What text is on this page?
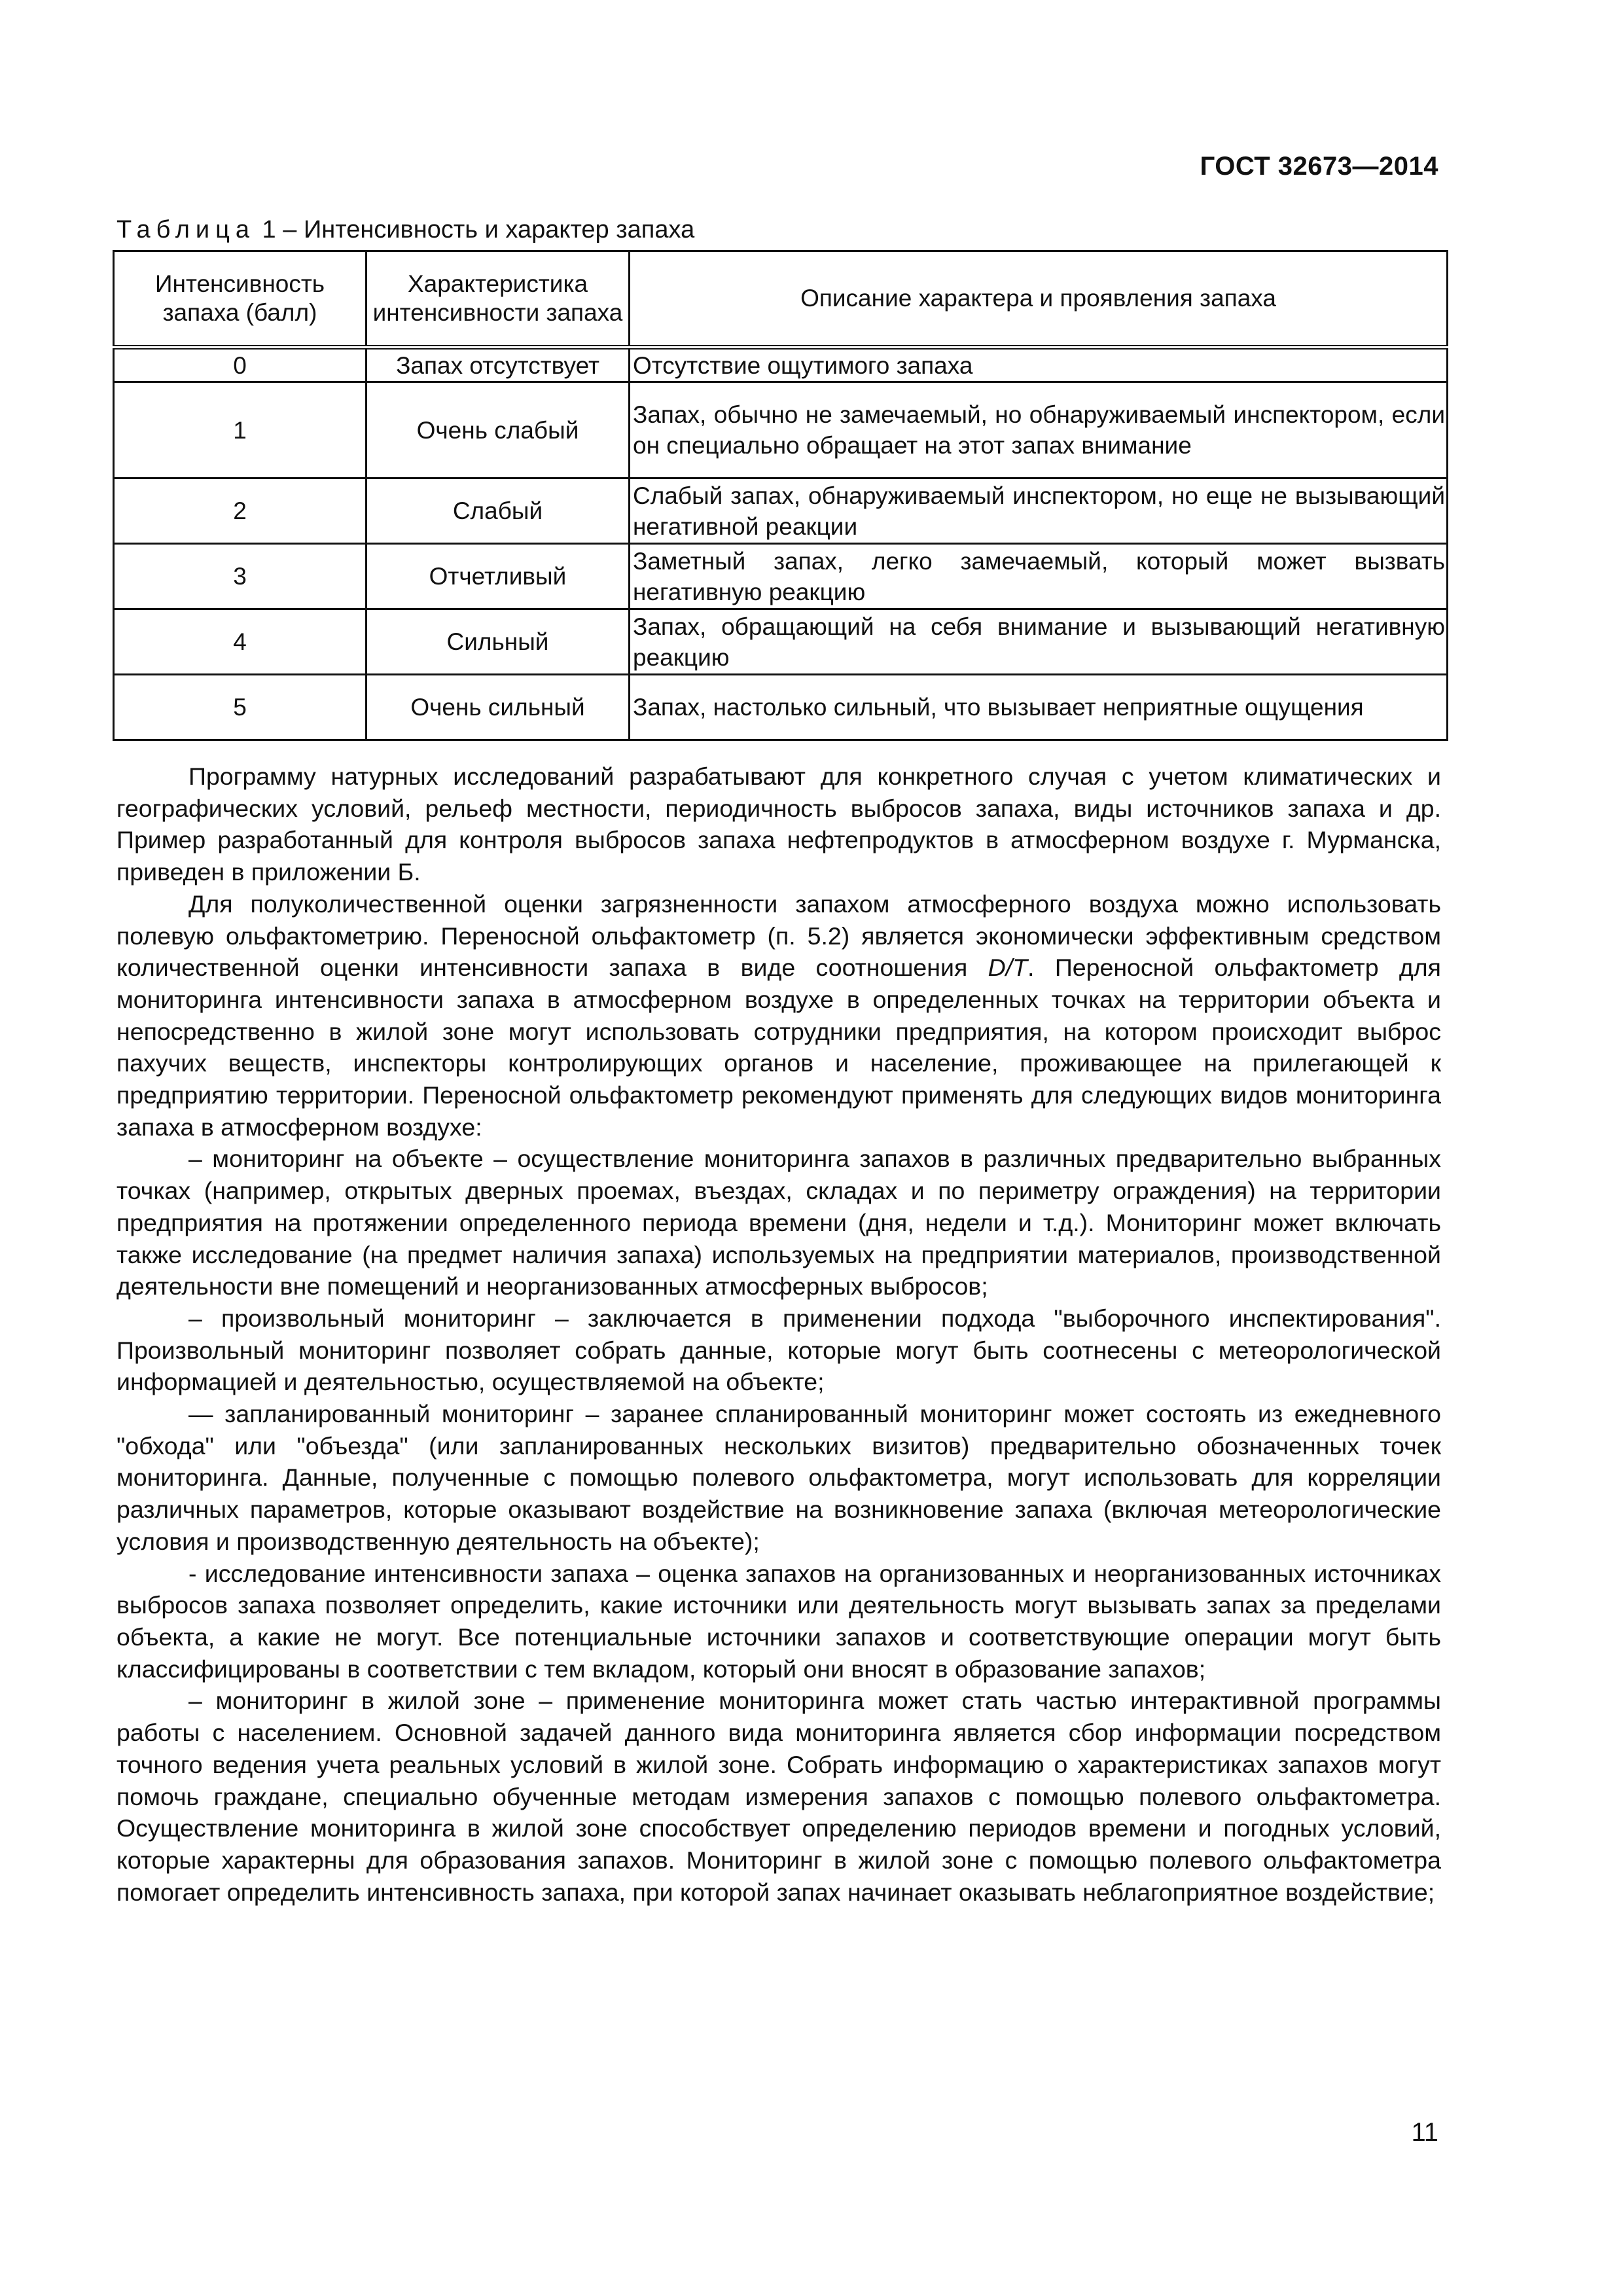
ГОСТ 32673—2014
Таблица 1 – Интенсивность и характер запаха
Интенсивность запаха (балл)	Характеристика интенсивности запаха	Описание характера и проявления запаха
0	Запах отсутствует	Отсутствие ощутимого запаха
1	Очень слабый	Запах, обычно не замечаемый, но обнаруживаемый инспектором, если он специально обращает на этот запах внимание
2	Слабый	Слабый запах, обнаруживаемый инспектором, но еще не вызывающий негативной реакции
3	Отчетливый	Заметный запах, легко замечаемый, который может вызвать негативную реакцию
4	Сильный	Запах, обращающий на себя внимание и вызывающий негативную реакцию
5	Очень сильный	Запах, настолько сильный, что вызывает неприятные ощущения

Программу натурных исследований разрабатывают для конкретного случая с учетом климатических и географических условий, рельеф местности, периодичность выбросов запаха, виды источников запаха и др. Пример разработанный для контроля выбросов запаха нефтепродуктов в атмосферном воздухе г. Мурманска, приведен в приложении Б.

Для полуколичественной оценки загрязненности запахом атмосферного воздуха можно использовать полевую ольфактометрию. Переносной ольфактометр (п. 5.2) является экономически эффективным средством количественной оценки интенсивности запаха в виде соотношения D/T. Переносной ольфактометр для мониторинга интенсивности запаха в атмосферном воздухе в определенных точках на территории объекта и непосредственно в жилой зоне могут использовать сотрудники предприятия, на котором происходит выброс пахучих веществ, инспекторы контролирующих органов и население, проживающее на прилегающей к предприятию территории. Переносной ольфактометр рекомендуют применять для следующих видов мониторинга запаха в атмосферном воздухе:

– мониторинг на объекте – осуществление мониторинга запахов в различных предварительно выбранных точках (например, открытых дверных проемах, въездах, складах и по периметру ограждения) на территории предприятия на протяжении определенного периода времени (дня, недели и т.д.). Мониторинг может включать также исследование (на предмет наличия запаха) используемых на предприятии материалов, производственной деятельности вне помещений и неорганизованных атмосферных выбросов;

– произвольный мониторинг – заключается в применении подхода "выборочного инспектирования". Произвольный мониторинг позволяет собрать данные, которые могут быть соотнесены с метеорологической информацией и деятельностью, осуществляемой на объекте;

— запланированный мониторинг – заранее спланированный мониторинг может состоять из ежедневного "обхода" или "объезда" (или запланированных нескольких визитов) предварительно обозначенных точек мониторинга. Данные, полученные с помощью полевого ольфактометра, могут использовать для корреляции различных параметров, которые оказывают воздействие на возникновение запаха (включая метеорологические условия и производственную деятельность на объекте);

- исследование интенсивности запаха – оценка запахов на организованных и неорганизованных источниках выбросов запаха позволяет определить, какие источники или деятельность могут вызывать запах за пределами объекта, а какие не могут. Все потенциальные источники запахов и соответствующие операции могут быть классифицированы в соответствии с тем вкладом, который они вносят в образование запахов;

– мониторинг в жилой зоне – применение мониторинга может стать частью интерактивной программы работы с населением. Основной задачей данного вида мониторинга является сбор информации посредством точного ведения учета реальных условий в жилой зоне. Собрать информацию о характеристиках запахов могут помочь граждане, специально обученные методам измерения запахов с помощью полевого ольфактометра. Осуществление мониторинга в жилой зоне способствует определению периодов времени и погодных условий, которые характерны для образования запахов. Мониторинг в жилой зоне с помощью полевого ольфактометра помогает определить интенсивность запаха, при которой запах начинает оказывать неблагоприятное воздействие;

11
